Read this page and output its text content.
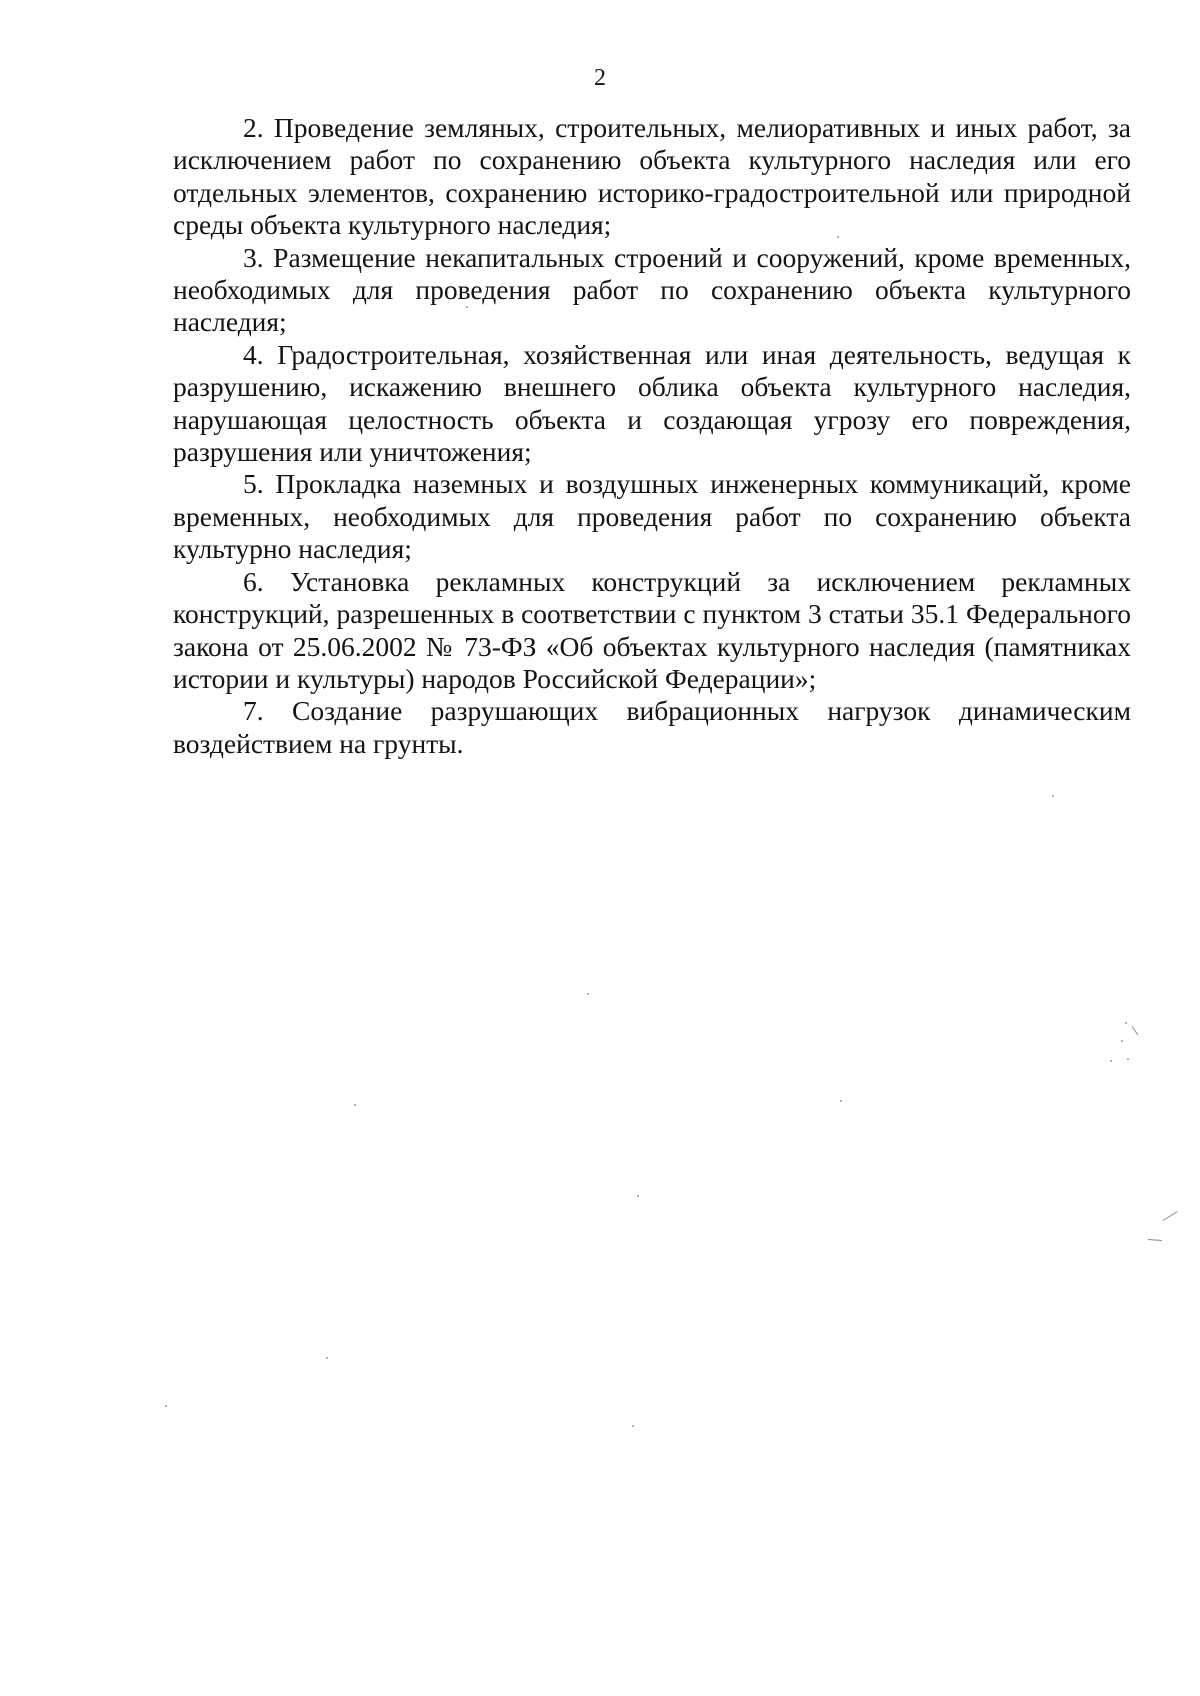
2

2. Проведение земляных, строительных, мелиоративных и иных работ, за исключением работ по сохранению объекта культурного наследия или его отдельных элементов, сохранению историко-градостроительной или природной среды объекта культурного наследия;

3. Размещение некапитальных строений и сооружений, кроме временных, необходимых для проведения работ по сохранению объекта культурного наследия;

4. Градостроительная, хозяйственная или иная деятельность, ведущая к разрушению, искажению внешнего облика объекта культурного наследия, нарушающая целостность объекта и создающая угрозу его повреждения, разрушения или уничтожения;

5. Прокладка наземных и воздушных инженерных коммуникаций, кроме временных, необходимых для проведения работ по сохранению объекта культурно наследия;

6. Установка рекламных конструкций за исключением рекламных конструкций, разрешенных в соответствии с пунктом 3 статьи 35.1 Федерального закона от 25.06.2002 № 73-ФЗ «Об объектах культурного наследия (памятниках истории и культуры) народов Российской Федерации»;

7. Создание разрушающих вибрационных нагрузок динамическим воздействием на грунты.
